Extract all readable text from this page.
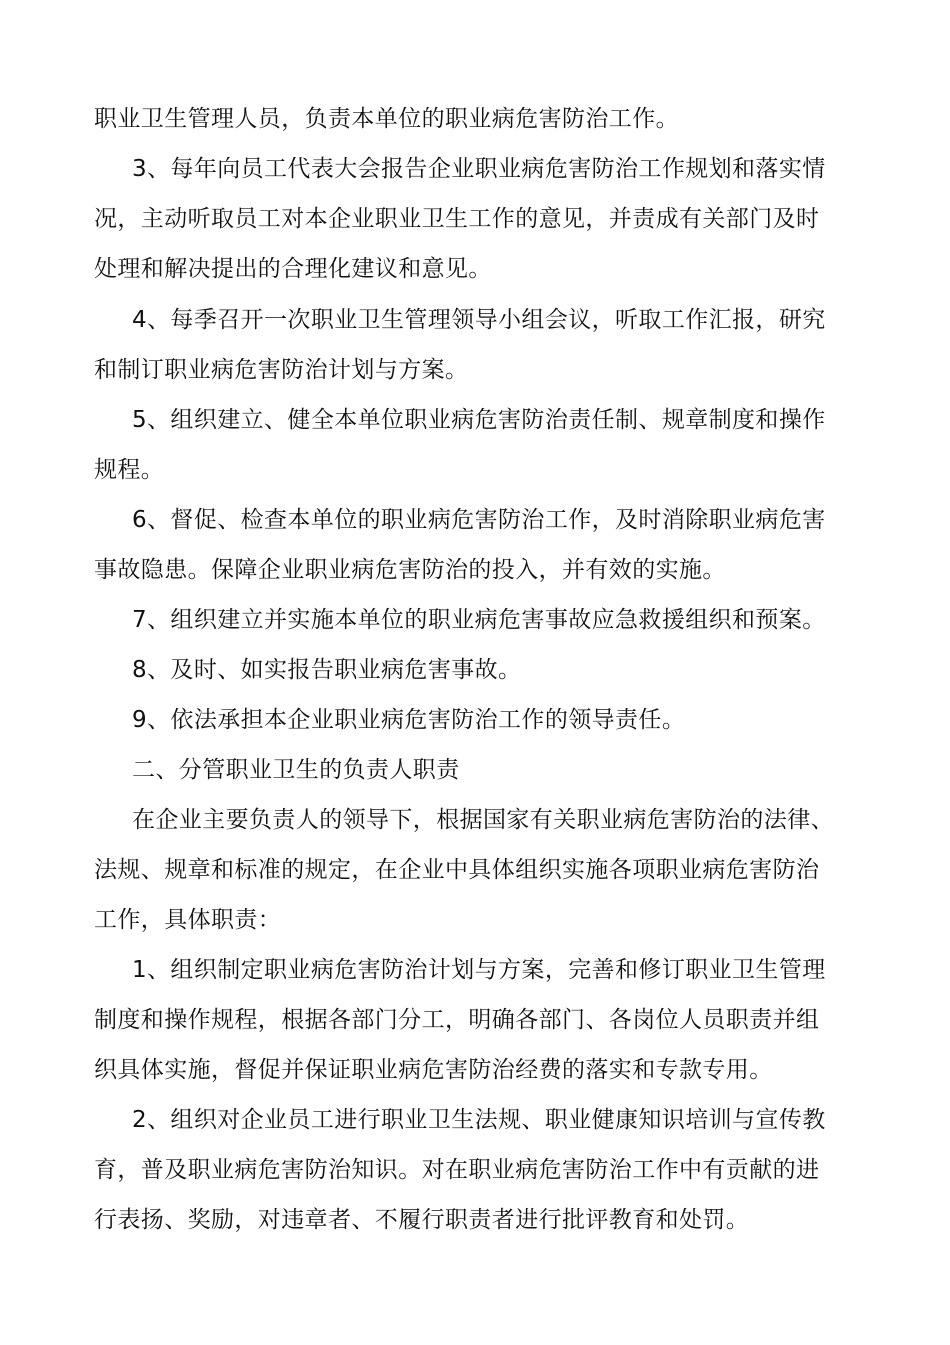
职业卫生管理人员，负责本单位的职业病危害防治工作。
3、每年向员工代表大会报告企业职业病危害防治工作规划和落实情
况，主动听取员工对本企业职业卫生工作的意见，并责成有关部门及时
处理和解决提出的合理化建议和意见。
4、每季召开一次职业卫生管理领导小组会议，听取工作汇报，研究
和制订职业病危害防治计划与方案。
5、组织建立、健全本单位职业病危害防治责任制、规章制度和操作
规程。
6、督促、检查本单位的职业病危害防治工作，及时消除职业病危害
事故隐患。保障企业职业病危害防治的投入，并有效的实施。
7、组织建立并实施本单位的职业病危害事故应急救援组织和预案。
8、及时、如实报告职业病危害事故。
9、依法承担本企业职业病危害防治工作的领导责任。
二、分管职业卫生的负责人职责
在企业主要负责人的领导下，根据国家有关职业病危害防治的法律、
法规、规章和标准的规定，在企业中具体组织实施各项职业病危害防治
工作，具体职责：
1、组织制定职业病危害防治计划与方案，完善和修订职业卫生管理
制度和操作规程，根据各部门分工，明确各部门、各岗位人员职责并组
织具体实施，督促并保证职业病危害防治经费的落实和专款专用。
2、组织对企业员工进行职业卫生法规、职业健康知识培训与宣传教
育，普及职业病危害防治知识。对在职业病危害防治工作中有贡献的进
行表扬、奖励，对违章者、不履行职责者进行批评教育和处罚。
